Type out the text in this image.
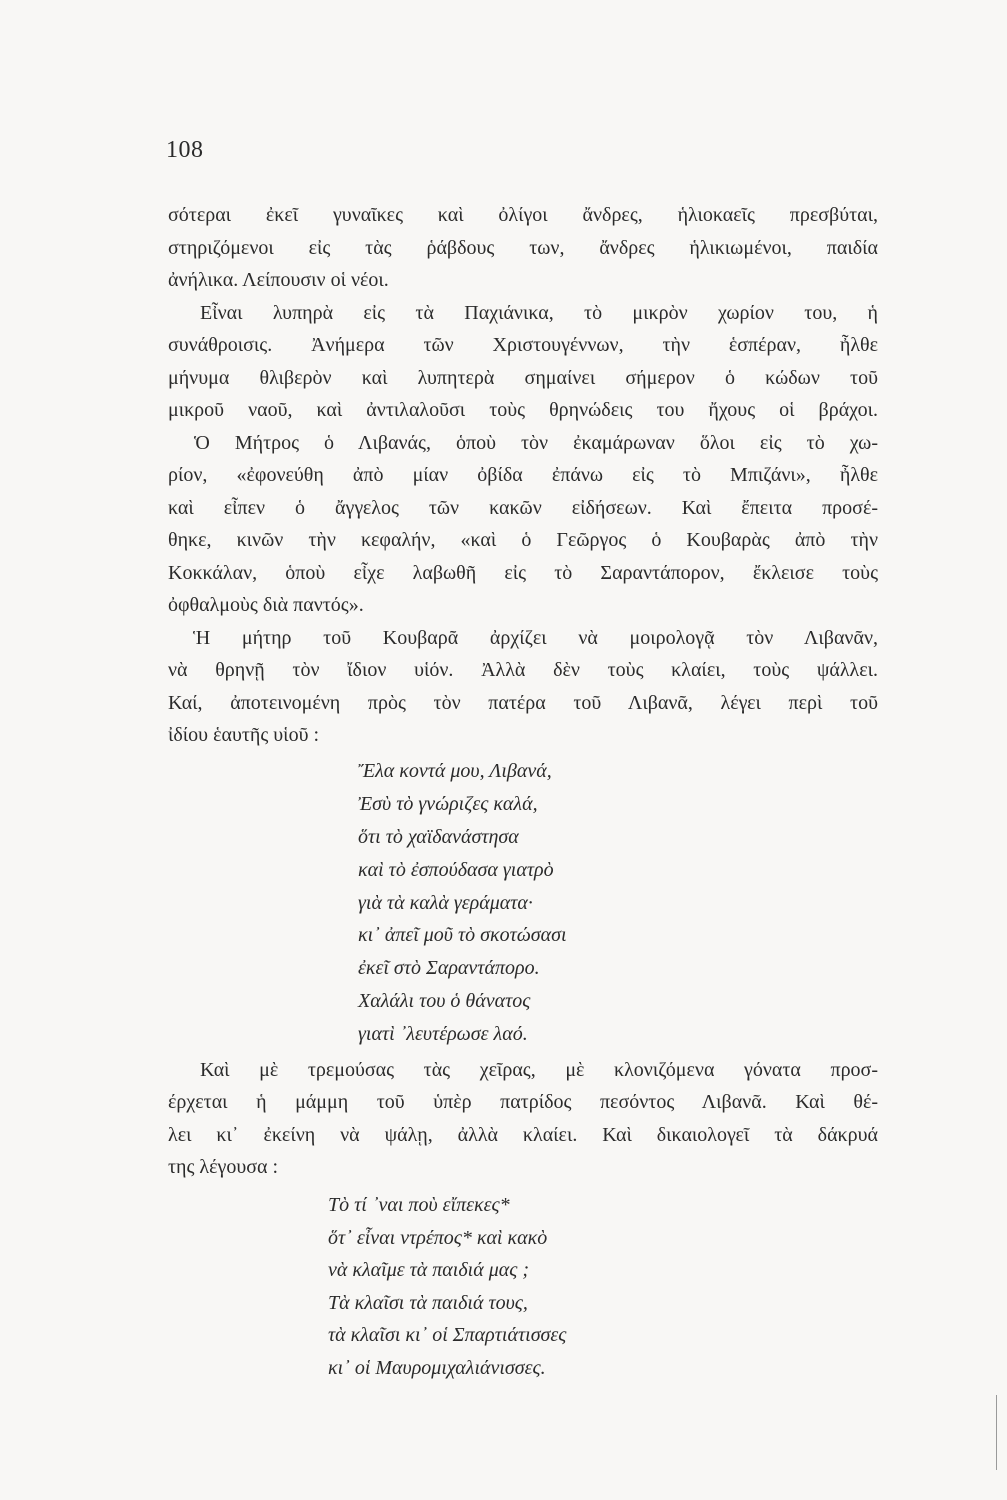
108
σότεραι ἐκεῖ γυναῖκες καὶ ὀλίγοι ἄνδρες, ἡλιοκαεῖς πρεσβύται,
στηριζόμενοι εἰς τὰς ῥάβδους των, ἄνδρες ἡλικιωμένοι, παιδία
ἀνήλικα. Λείπουσιν οἱ νέοι.
Εἶναι λυπηρὰ εἰς τὰ Παχιάνικα, τὸ μικρὸν χωρίον του, ἡ
συνάθροισις. Ἀνήμερα τῶν Χριστουγέννων, τὴν ἑσπέραν, ἦλθε
μήνυμα θλιβερὸν καὶ λυπητερὰ σημαίνει σήμερον ὁ κώδων τοῦ
μικροῦ ναοῦ, καὶ ἀντιλαλοῦσι τοὺς θρηνώδεις του ἤχους οἱ βράχοι.
Ὁ Μήτρος ὁ Λιβανάς, ὁποὺ τὸν ἐκαμάρωναν ὅλοι εἰς τὸ χω-
ρίον, «ἐφονεύθη ἀπὸ μίαν ὀβίδα ἐπάνω εἰς τὸ Μπιζάνι», ἦλθε
καὶ εἶπεν ὁ ἄγγελος τῶν κακῶν εἰδήσεων. Καὶ ἔπειτα προσέ-
θηκε, κινῶν τὴν κεφαλήν, «καὶ ὁ Γεῶργος ὁ Κουβαρὰς ἀπὸ τὴν
Κοκκάλαν, ὁποὺ εἶχε λαβωθῆ εἰς τὸ Σαραντάπορον, ἔκλεισε τοὺς
ὀφθαλμοὺς διὰ παντός».
Ἡ μήτηρ τοῦ Κουβαρᾶ ἀρχίζει νὰ μοιρολογᾷ τὸν Λιβανᾶν,
νὰ θρηνῇ τὸν ἴδιον υἱόν. Ἀλλὰ δὲν τοὺς κλαίει, τοὺς ψάλλει.
Καί, ἀποτεινομένη πρὸς τὸν πατέρα τοῦ Λιβανᾶ, λέγει περὶ τοῦ
ἰδίου ἑαυτῆς υἱοῦ :
Ἔλα κοντά μου, Λιβανά,
Ἐσὺ τὸ γνώριζες καλά,
ὅτι τὸ χαϊδανάστησα
καὶ τὸ ἐσπούδασα γιατρὸ
γιὰ τὰ καλὰ γεράματα·
κι᾽ ἀπεῖ μοῦ τὸ σκοτώσασι
ἐκεῖ στὸ Σαραντάπορο.
Χαλάλι του ὁ θάνατος
γιατὶ ᾽λευτέρωσε λαό.
Καὶ μὲ τρεμούσας τὰς χεῖρας, μὲ κλονιζόμενα γόνατα προσ-
έρχεται ἡ μάμμη τοῦ ὑπὲρ πατρίδος πεσόντος Λιβανᾶ. Καὶ θέ-
λει κι᾽ ἐκείνη νὰ ψάλῃ, ἀλλὰ κλαίει. Καὶ δικαιολογεῖ τὰ δάκρυά
της λέγουσα :
Τὸ τί ᾽ναι ποὺ εἴπεκες*
ὅτ᾽ εἶναι ντρέπος* καὶ κακὸ
νὰ κλαῖμε τὰ παιδιά μας ;
Τὰ κλαῖσι τὰ παιδιά τους,
τὰ κλαῖσι κι᾽ οἱ Σπαρτιάτισσες
κι᾽ οἱ Μαυρομιχαλιάνισσες.
